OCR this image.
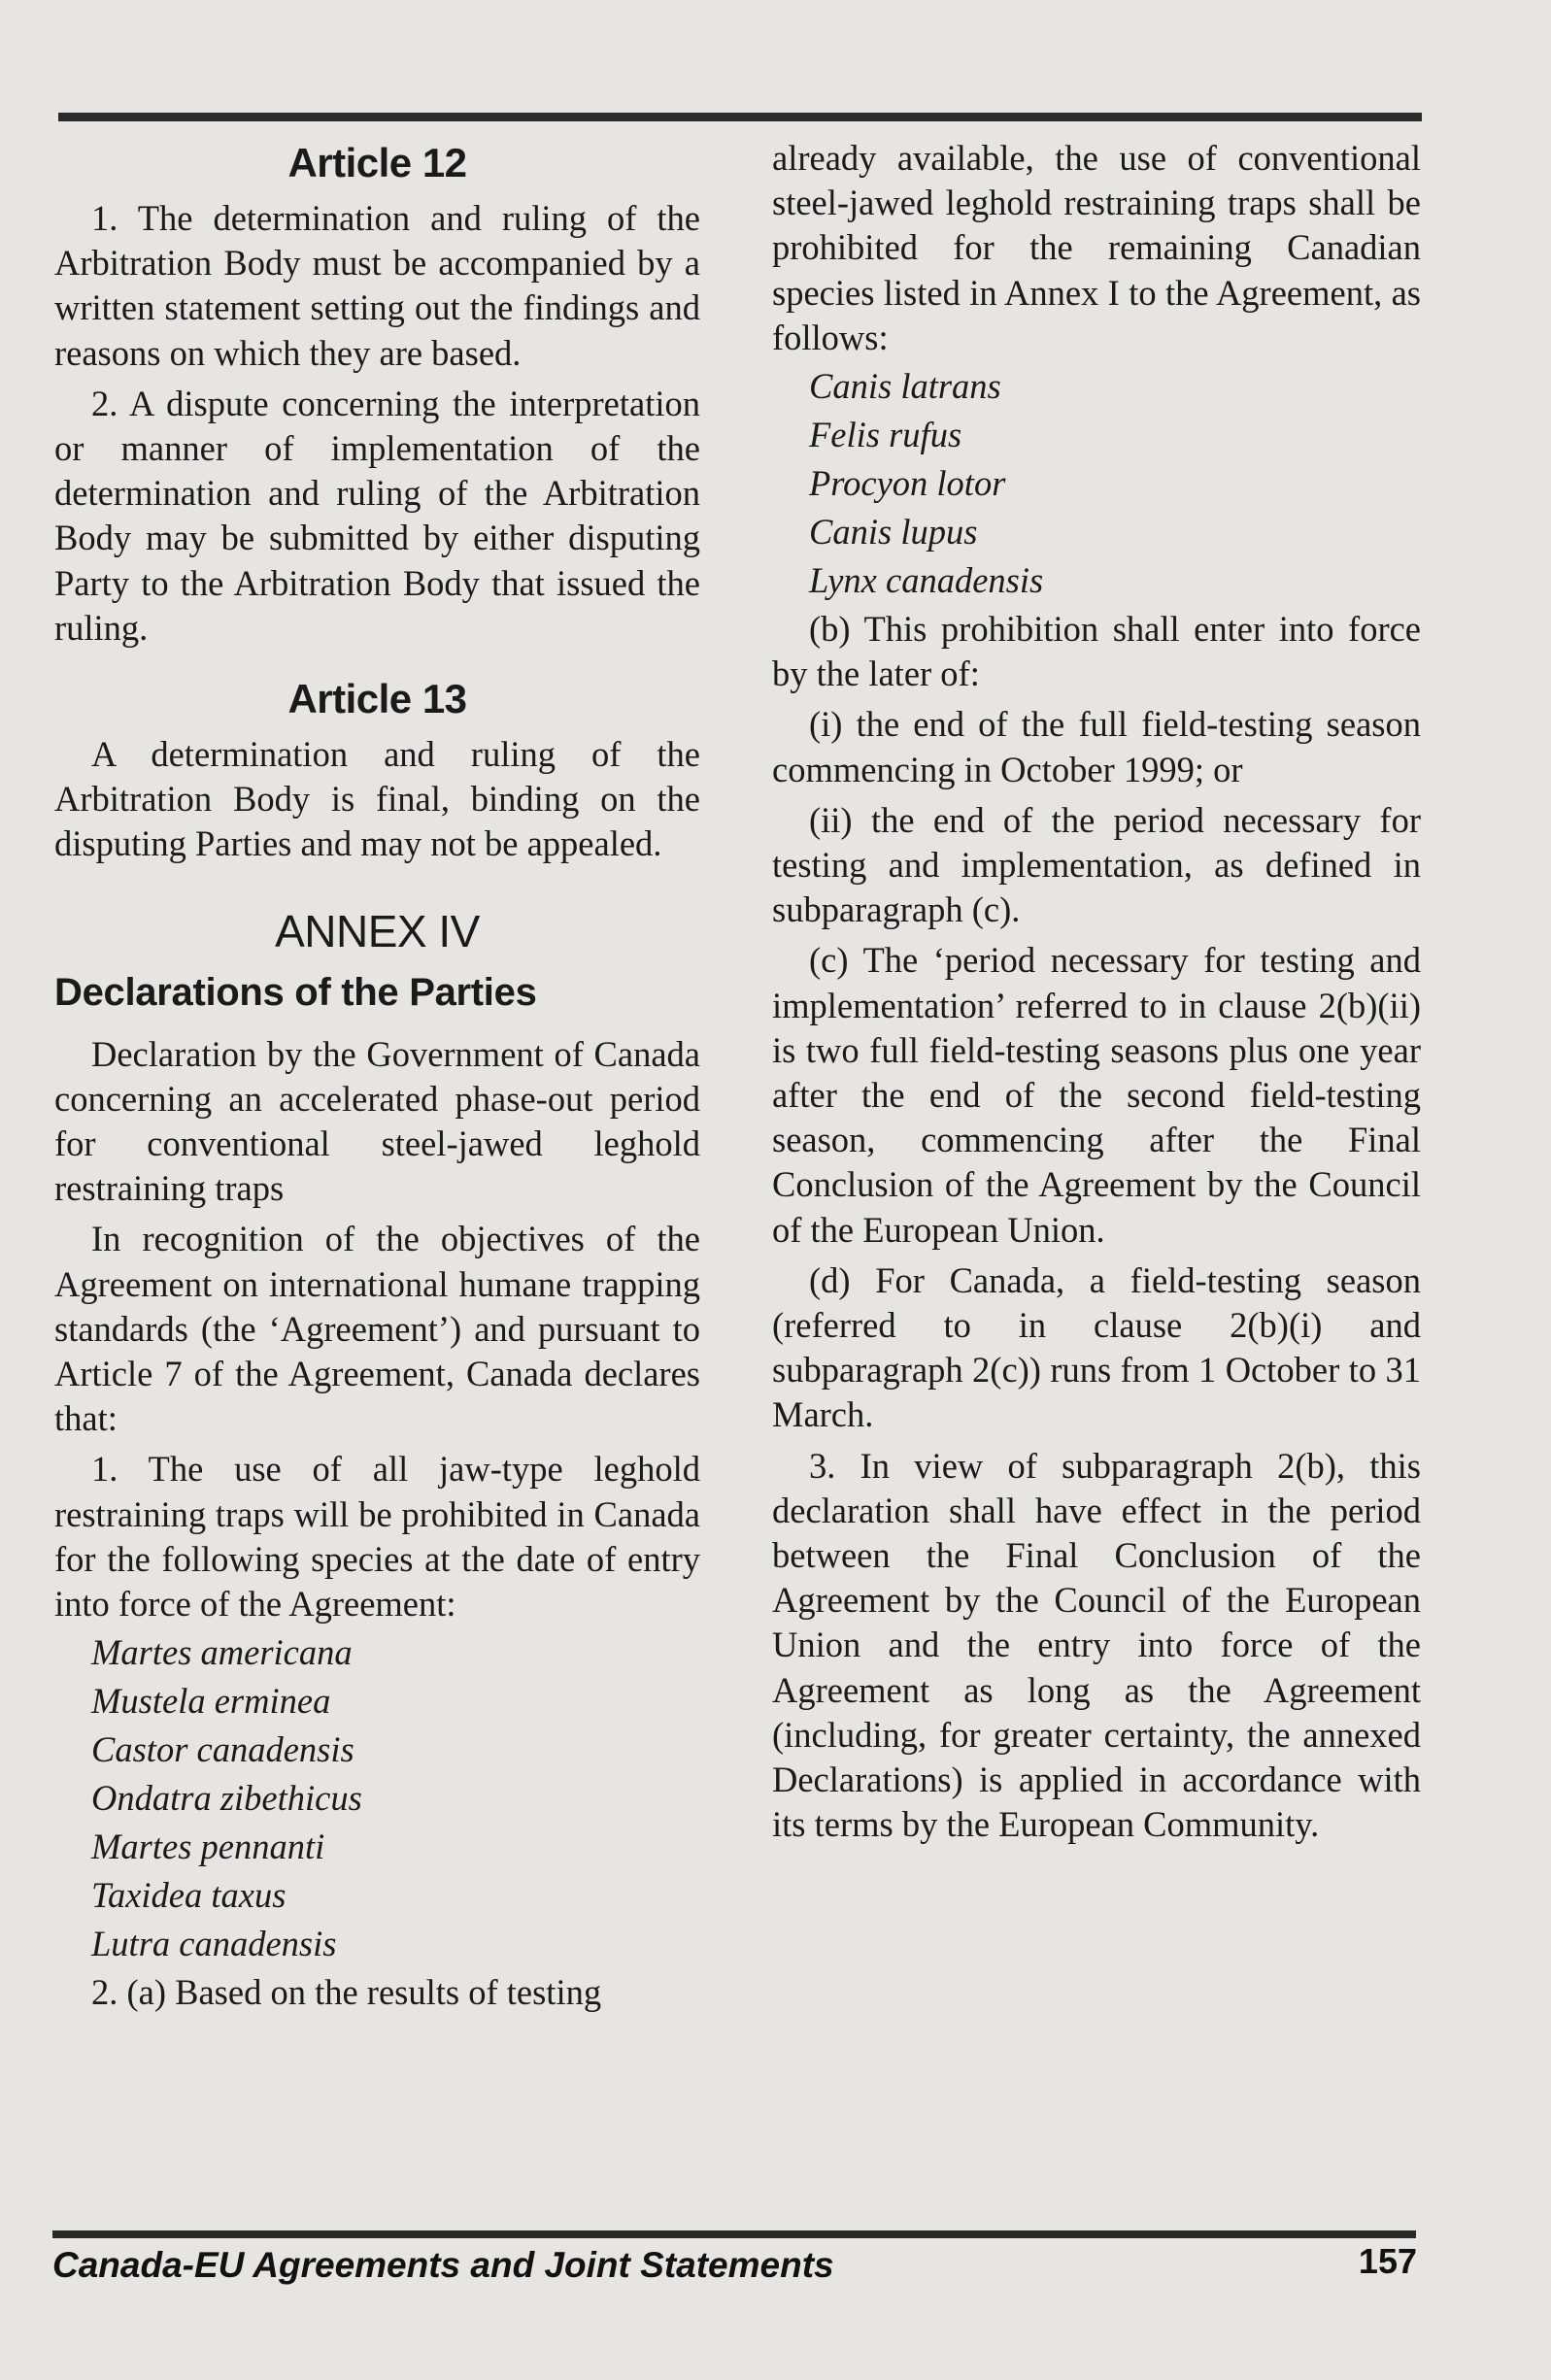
Article 12

1. The determination and ruling of the Arbitration Body must be accompanied by a written statement setting out the findings and reasons on which they are based.

2. A dispute concerning the interpretation or manner of implementation of the determination and ruling of the Arbitration Body may be submitted by either disputing Party to the Arbitration Body that issued the ruling.

Article 13

A determination and ruling of the Arbitration Body is final, binding on the disputing Parties and may not be appealed.

ANNEX IV
Declarations of the Parties

Declaration by the Government of Canada concerning an accelerated phase-out period for conventional steel-jawed leghold restraining traps

In recognition of the objectives of the Agreement on international humane trapping standards (the ‘Agreement’) and pursuant to Article 7 of the Agreement, Canada declares that:

1. The use of all jaw-type leghold restraining traps will be prohibited in Canada for the following species at the date of entry into force of the Agreement:

Martes americana

Mustela erminea

Castor canadensis

Ondatra zibethicus

Martes pennanti

Taxidea taxus

Lutra canadensis

2. (a) Based on the results of testing

already available, the use of conventional steel-jawed leghold restraining traps shall be prohibited for the remaining Canadian species listed in Annex I to the Agreement, as follows:

Canis latrans

Felis rufus

Procyon lotor

Canis lupus

Lynx canadensis

(b) This prohibition shall enter into force by the later of:

(i) the end of the full field-testing season commencing in October 1999; or

(ii) the end of the period necessary for testing and implementation, as defined in subparagraph (c).

(c) The ‘period necessary for testing and implementation’ referred to in clause 2(b)(ii) is two full field-testing seasons plus one year after the end of the second field-testing season, commencing after the Final Conclusion of the Agreement by the Council of the European Union.

(d) For Canada, a field-testing season (referred to in clause 2(b)(i) and subparagraph 2(c)) runs from 1 October to 31 March.

3. In view of subparagraph 2(b), this declaration shall have effect in the period between the Final Conclusion of the Agreement by the Council of the European Union and the entry into force of the Agreement as long as the Agreement (including, for greater certainty, the annexed Declarations) is applied in accordance with its terms by the European Community.

Canada-EU Agreements and Joint Statements	157
